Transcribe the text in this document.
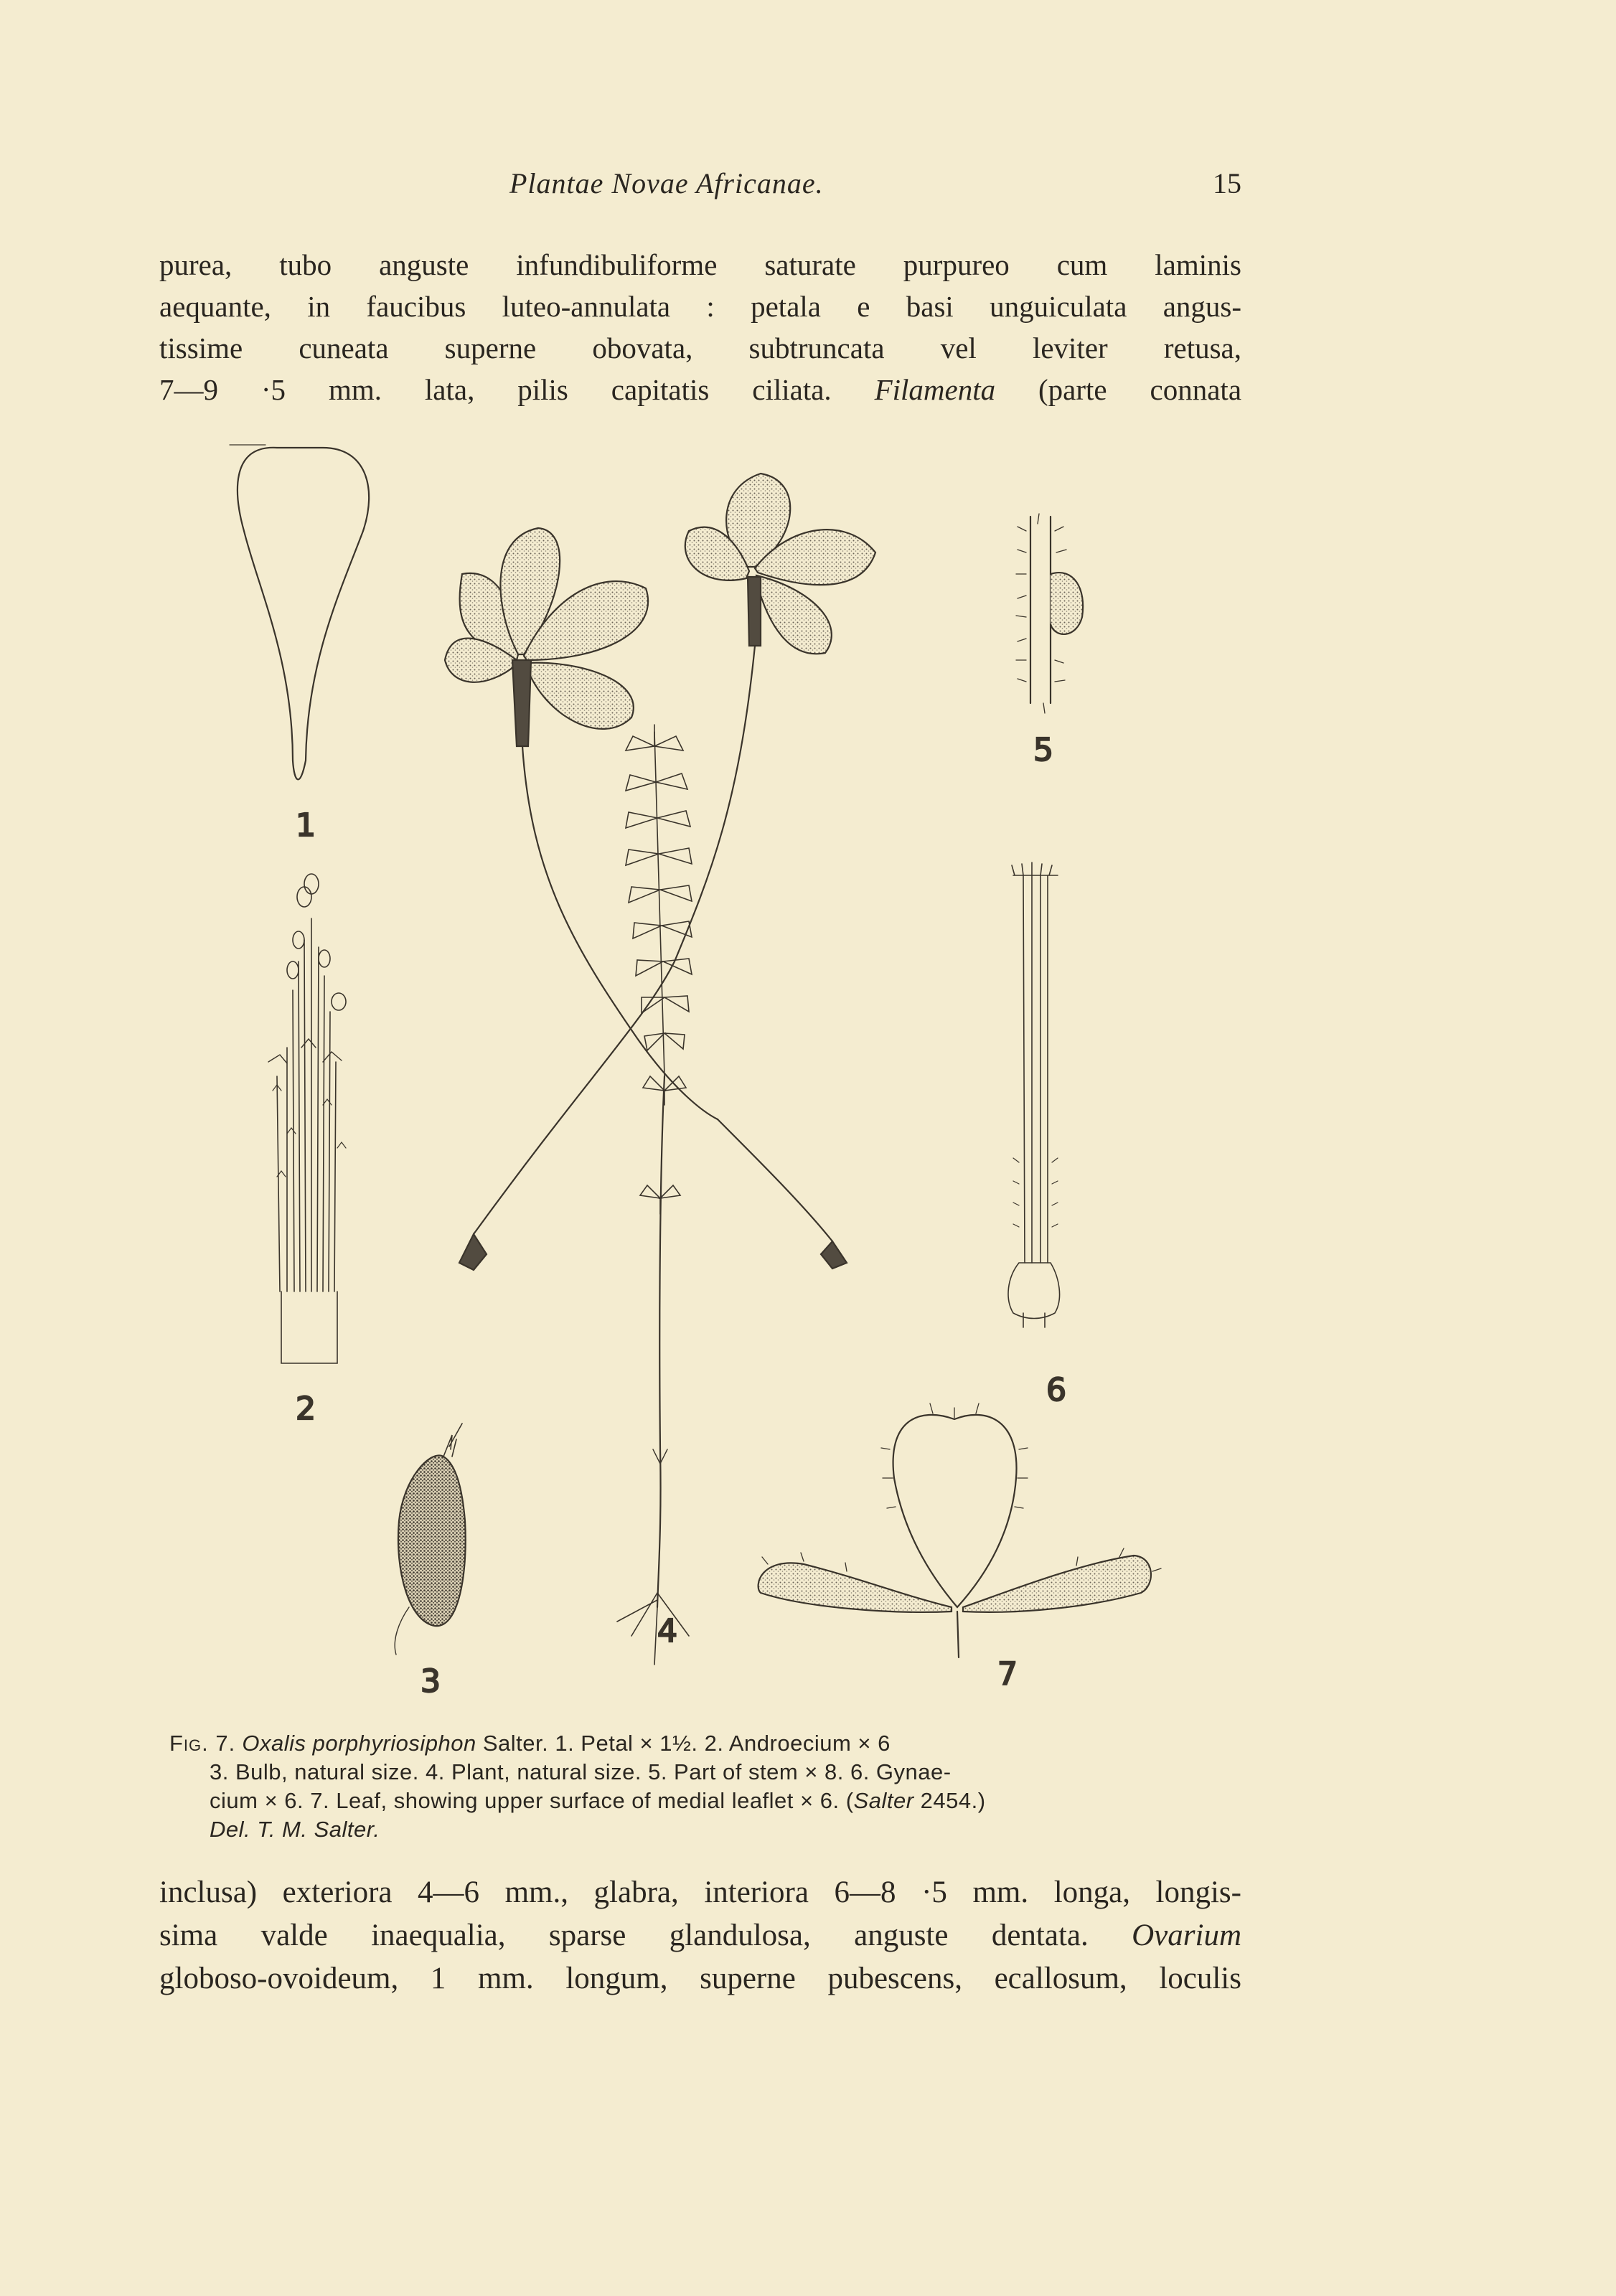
Plantae Novae Africanae.	15
purea, tubo anguste infundibuliforme saturate purpureo cum laminis
aequante, in faucibus luteo-annulata : petala e basi unguiculata angus-
tissime cuneata superne obovata, subtruncata vel leviter retusa,
7—9 ·5 mm. lata, pilis capitatis ciliata. Filamenta (parte connata
1
2
3
4
5
6
7
Fig. 7. Oxalis porphyriosiphon Salter. 1. Petal × 1½. 2. Androecium × 6
3. Bulb, natural size. 4. Plant, natural size. 5. Part of stem × 8. 6. Gynae-
cium × 6. 7. Leaf, showing upper surface of medial leaflet × 6. (Salter 2454.)
Del. T. M. Salter.
inclusa) exteriora 4—6 mm., glabra, interiora 6—8 ·5 mm. longa, longis-
sima valde inaequalia, sparse glandulosa, anguste dentata. Ovarium
globoso-ovoideum, 1 mm. longum, superne pubescens, ecallosum, loculis
